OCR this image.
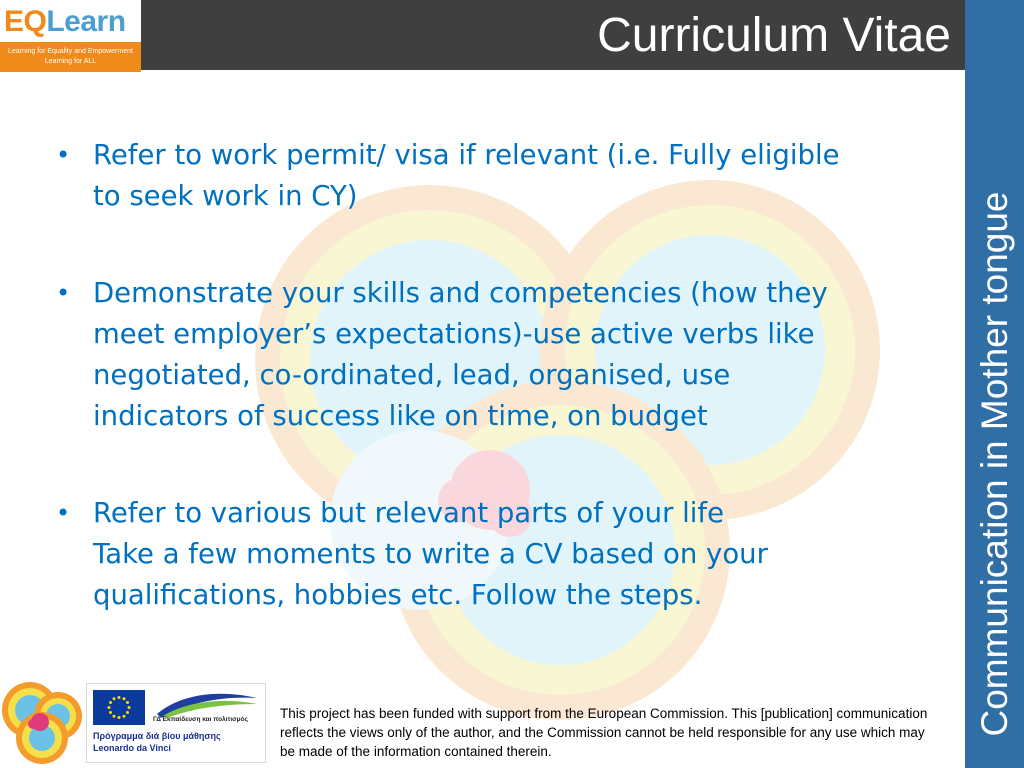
Curriculum Vitae
EQLearn
Learning for Equality and Empowerment
Learning for ALL
Communication in Mother tongue
• Refer to work permit/ visa if relevant (i.e. Fully eligible
to seek work in CY)
• Demonstrate your skills and competencies (how they
meet employer’s expectations)-use active verbs like
negotiated, co-ordinated, lead, organised, use
indicators of success like on time, on budget
• Refer to various but relevant parts of your life
Take a few moments to write a CV based on your
qualifications, hobbies etc. Follow the steps.
ΓΔ Εκπαίδευση και πολιτισμός
Πρόγραμμα διά βίου μάθησης
Leonardo da Vinci
This project has been funded with support from the European Commission. This [publication] communication reflects the views only of the author, and the Commission cannot be held responsible for any use which may be made of the information contained therein.
